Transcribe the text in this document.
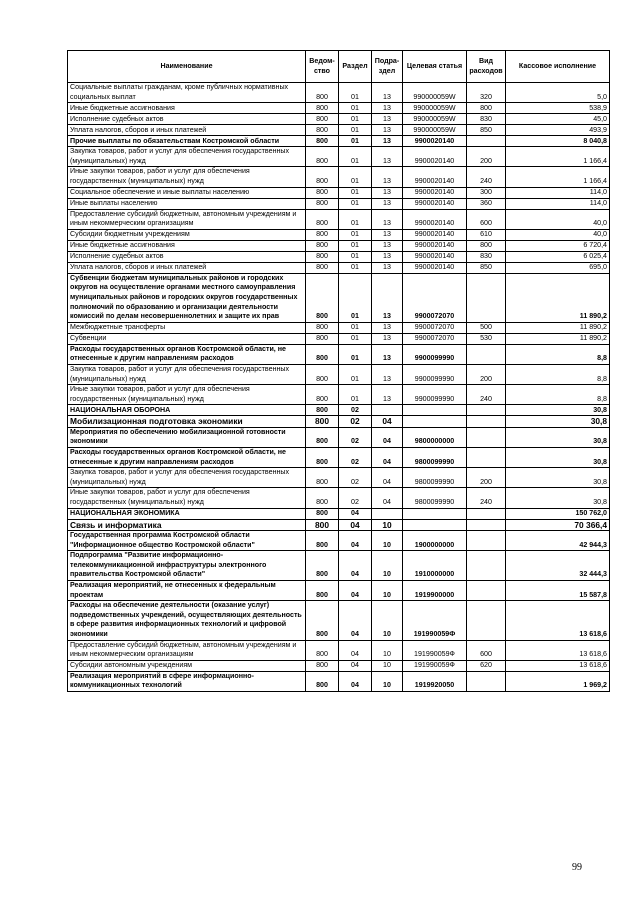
Наименование	Ведом-ство	Раздел	Подра-здел	Целевая статья	Вид расходов	Кассовое исполнение
Социальные выплаты гражданам, кроме публичных нормативных социальных выплат	800	01	13	990000059W	320	5,0
Иные бюджетные ассигнования	800	01	13	990000059W	800	538,9
Исполнение судебных актов	800	01	13	990000059W	830	45,0
Уплата налогов, сборов и иных платежей	800	01	13	990000059W	850	493,9
Прочие выплаты по обязательствам Костромской области	800	01	13	9900020140		8 040,8
Закупка товаров, работ и услуг для обеспечения государственных (муниципальных) нужд	800	01	13	9900020140	200	1 166,4
Иные закупки товаров, работ и услуг для обеспечения государственных (муниципальных) нужд	800	01	13	9900020140	240	1 166,4
Социальное обеспечение и иные выплаты населению	800	01	13	9900020140	300	114,0
Иные выплаты населению	800	01	13	9900020140	360	114,0
Предоставление субсидий бюджетным, автономным учреждениям и иным некоммерческим организациям	800	01	13	9900020140	600	40,0
Субсидии бюджетным учреждениям	800	01	13	9900020140	610	40,0
Иные бюджетные ассигнования	800	01	13	9900020140	800	6 720,4
Исполнение судебных актов	800	01	13	9900020140	830	6 025,4
Уплата налогов, сборов и иных платежей	800	01	13	9900020140	850	695,0
Субвенции бюджетам муниципальных районов и городских округов на осуществление органами местного самоуправления муниципальных районов и городских округов государственных полномочий по образованию и организации деятельности комиссий по делам несовершеннолетних и защите их прав	800	01	13	9900072070		11 890,2
Межбюджетные трансферты	800	01	13	9900072070	500	11 890,2
Субвенции	800	01	13	9900072070	530	11 890,2
Расходы государственных органов Костромской области, не отнесенные к другим направлениям расходов	800	01	13	9900099990		8,8
Закупка товаров, работ и услуг для обеспечения государственных (муниципальных) нужд	800	01	13	9900099990	200	8,8
Иные закупки товаров, работ и услуг для обеспечения государственных (муниципальных) нужд	800	01	13	9900099990	240	8,8
НАЦИОНАЛЬНАЯ ОБОРОНА	800	02				30,8
Мобилизационная подготовка экономики	800	02	04			30,8
Мероприятия по обеспечению мобилизационной готовности экономики	800	02	04	9800000000		30,8
Расходы государственных органов Костромской области, не отнесенные к другим направлениям расходов	800	02	04	9800099990		30,8
Закупка товаров, работ и услуг для обеспечения государственных (муниципальных) нужд	800	02	04	9800099990	200	30,8
Иные закупки товаров, работ и услуг для обеспечения государственных (муниципальных) нужд	800	02	04	9800099990	240	30,8
НАЦИОНАЛЬНАЯ ЭКОНОМИКА	800	04				150 762,0
Связь и информатика	800	04	10			70 366,4
Государственная программа Костромской области "Информационное общество Костромской области"	800	04	10	1900000000		42 944,3
Подпрограмма "Развитие информационно-телекоммуникационной инфраструктуры электронного правительства Костромской области"	800	04	10	1910000000		32 444,3
Реализация мероприятий, не отнесенных к федеральным проектам	800	04	10	1919900000		15 587,8
Расходы на обеспечение деятельности (оказание услуг) подведомственных учреждений, осуществляющих деятельность в сфере развития информационных технологий и цифровой экономики	800	04	10	191990059Ф		13 618,6
Предоставление субсидий бюджетным, автономным учреждениям и иным некоммерческим организациям	800	04	10	191990059Ф	600	13 618,6
Субсидии автономным учреждениям	800	04	10	191990059Ф	620	13 618,6
Реализация мероприятий в сфере информационно-коммуникационных технологий	800	04	10	1919920050		1 969,2
99
